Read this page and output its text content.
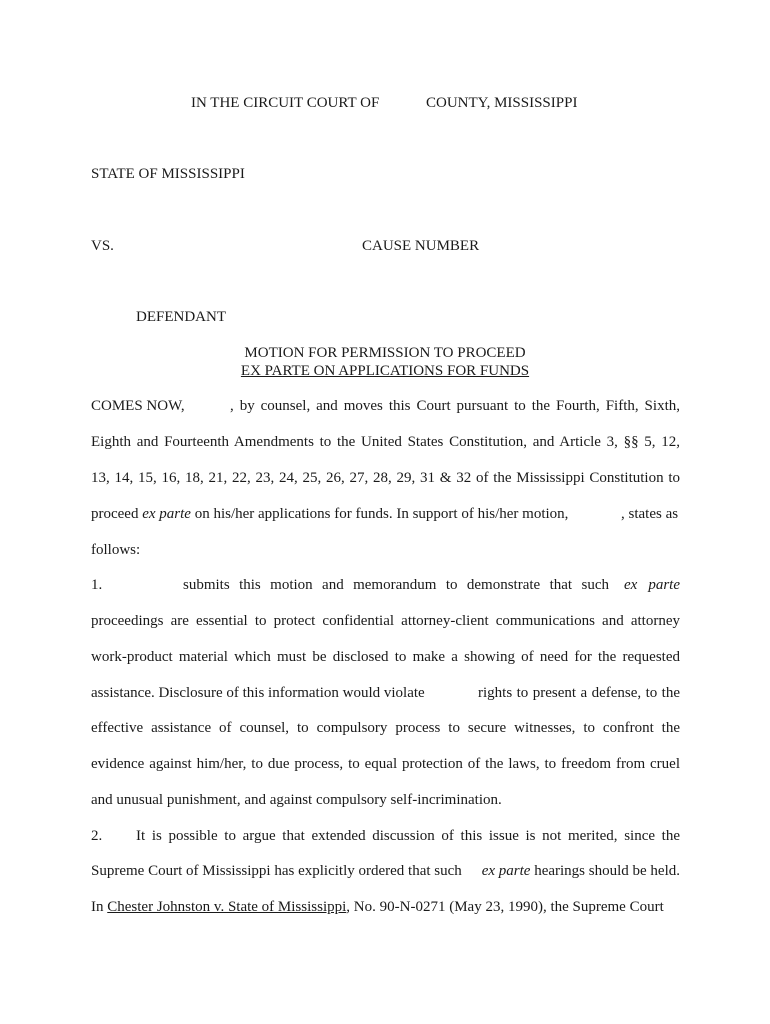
IN THE CIRCUIT COURT OF	COUNTY, MISSISSIPPI
STATE OF MISSISSIPPI
VS.	CAUSE NUMBER
DEFENDANT
MOTION FOR PERMISSION TO PROCEED
EX PARTE ON APPLICATIONS FOR FUNDS
COMES NOW,	, by counsel, and moves this Court pursuant to the Fourth, Fifth, Sixth,
Eighth and Fourteenth Amendments to the United States Constitution, and Article 3, §§ 5, 12,
13, 14, 15, 16, 18, 21, 22, 23, 24, 25, 26, 27, 28, 29, 31 & 32 of the Mississippi Constitution to
proceed ex parte on his/her applications for funds. In support of his/her motion,	, states as
follows:
1.	submits this motion and memorandum to demonstrate that such ex parte
proceedings are essential to protect confidential attorney-client communications and attorney
work-product material which must be disclosed to make a showing of need for the requested
assistance. Disclosure of this information would violate	rights to present a defense, to the
effective assistance of counsel, to compulsory process to secure witnesses, to confront the
evidence against him/her, to due process, to equal protection of the laws, to freedom from cruel
and unusual punishment, and against compulsory self-incrimination.
2. It is possible to argue that extended discussion of this issue is not merited, since the
Supreme Court of Mississippi has explicitly ordered that such ex parte hearings should be held.
In Chester Johnston v. State of Mississippi, No. 90-N-0271 (May 23, 1990), the Supreme Court
